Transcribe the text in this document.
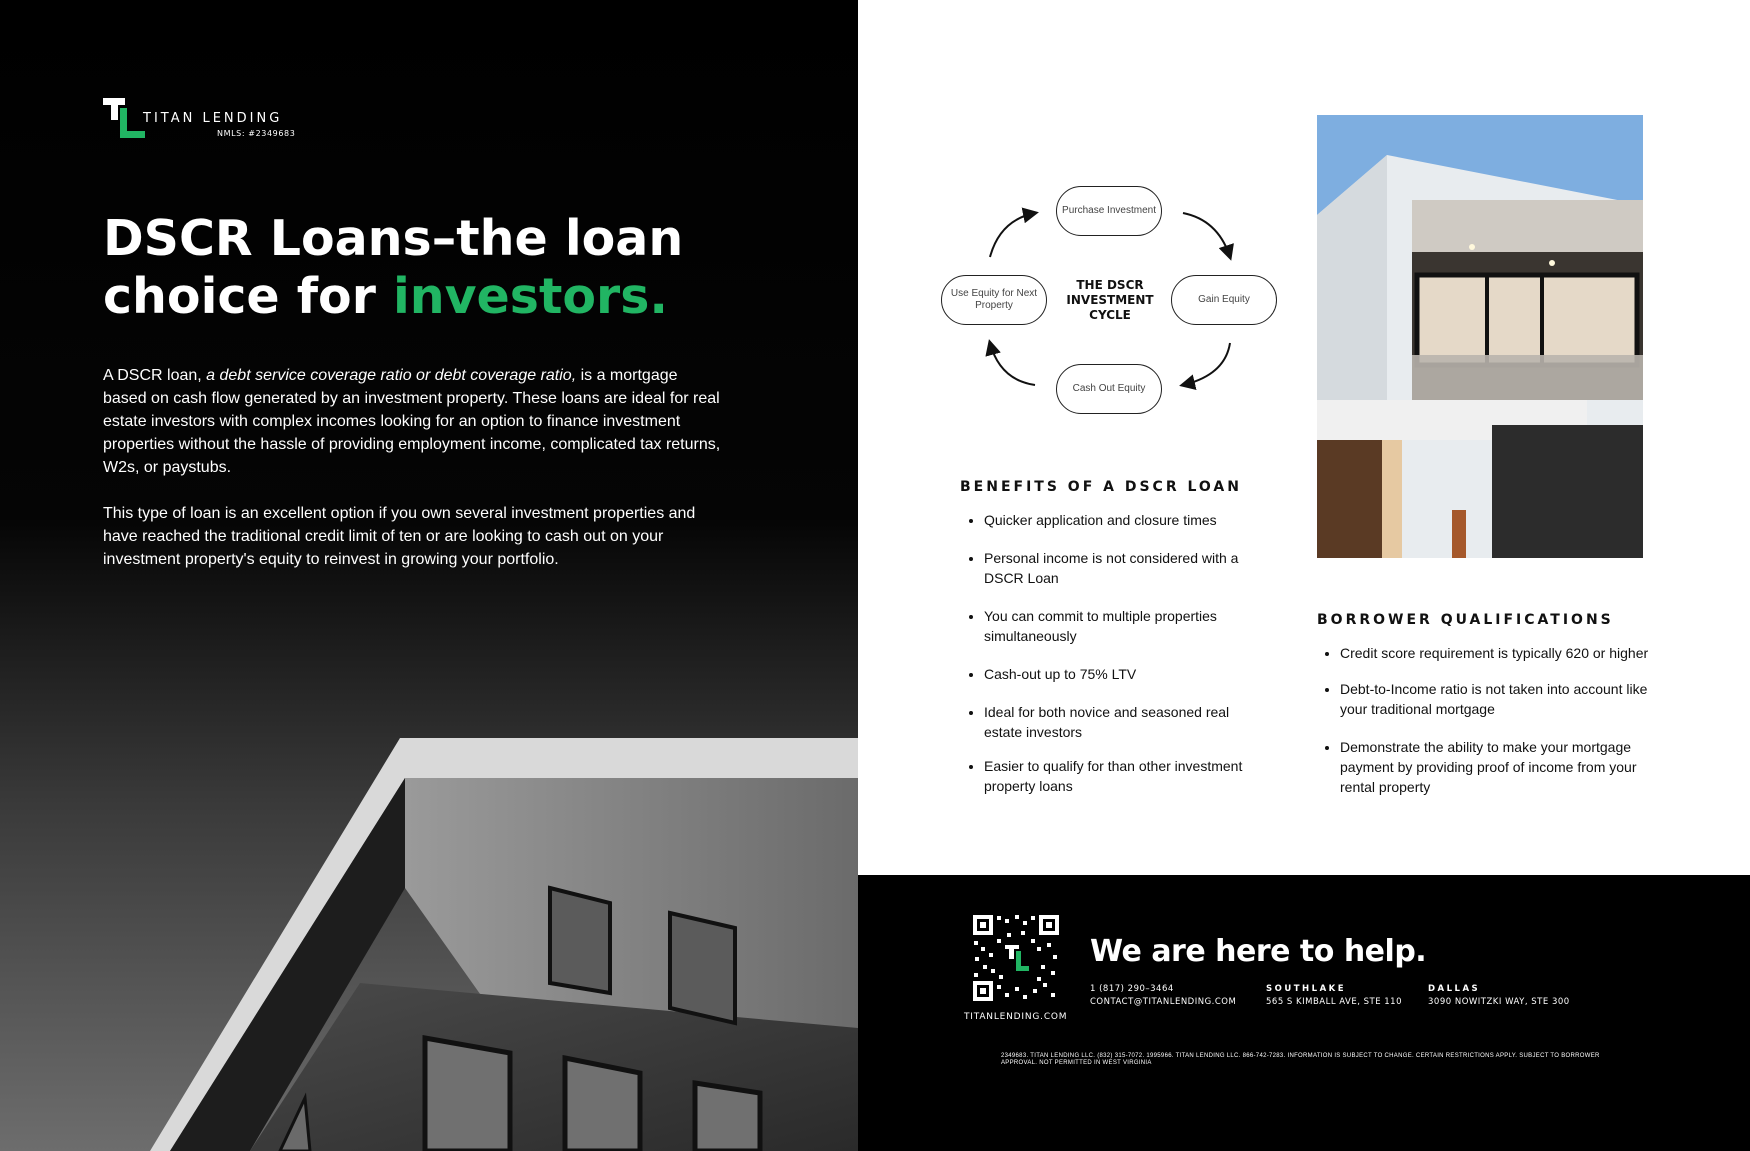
TITAN LENDING
NMLS: #2349683
DSCR Loans–the loan choice for investors.

A DSCR loan, a debt service coverage ratio or debt coverage ratio, is a mortgage based on cash flow generated by an investment property. These loans are ideal for real estate investors with complex incomes looking for an option to finance investment properties without the hassle of providing employment income, complicated tax returns, W2s, or paystubs.

This type of loan is an excellent option if you own several investment properties and have reached the traditional credit limit of ten or are looking to cash out on your investment property's equity to reinvest in growing your portfolio.

Purchase Investment
Gain Equity
Cash Out Equity
Use Equity for Next Property
THE DSCR INVESTMENT CYCLE
BENEFITS OF A DSCR LOAN
• Quicker application and closure times
• Personal income is not considered with a DSCR Loan
• You can commit to multiple properties simultaneously
• Cash-out up to 75% LTV
• Ideal for both novice and seasoned real estate investors
• Easier to qualify for than other investment property loans
BORROWER QUALIFICATIONS
• Credit score requirement is typically 620 or higher
• Debt-to-Income ratio is not taken into account like your traditional mortgage
• Demonstrate the ability to make your mortgage payment by providing proof of income from your rental property
TITANLENDING.COM
We are here to help.
1 (817) 290–3464
CONTACT@TITANLENDING.COM
SOUTHLAKE
565 S KIMBALL AVE, STE 110
DALLAS
3090 NOWITZKI WAY, STE 300
2349683. TITAN LENDING LLC. (832) 315-7072. 1995966. TITAN LENDING LLC. 866-742-7283. INFORMATION IS SUBJECT TO CHANGE. CERTAIN RESTRICTIONS APPLY. SUBJECT TO BORROWER APPROVAL. NOT PERMITTED IN WEST VIRGINIA
